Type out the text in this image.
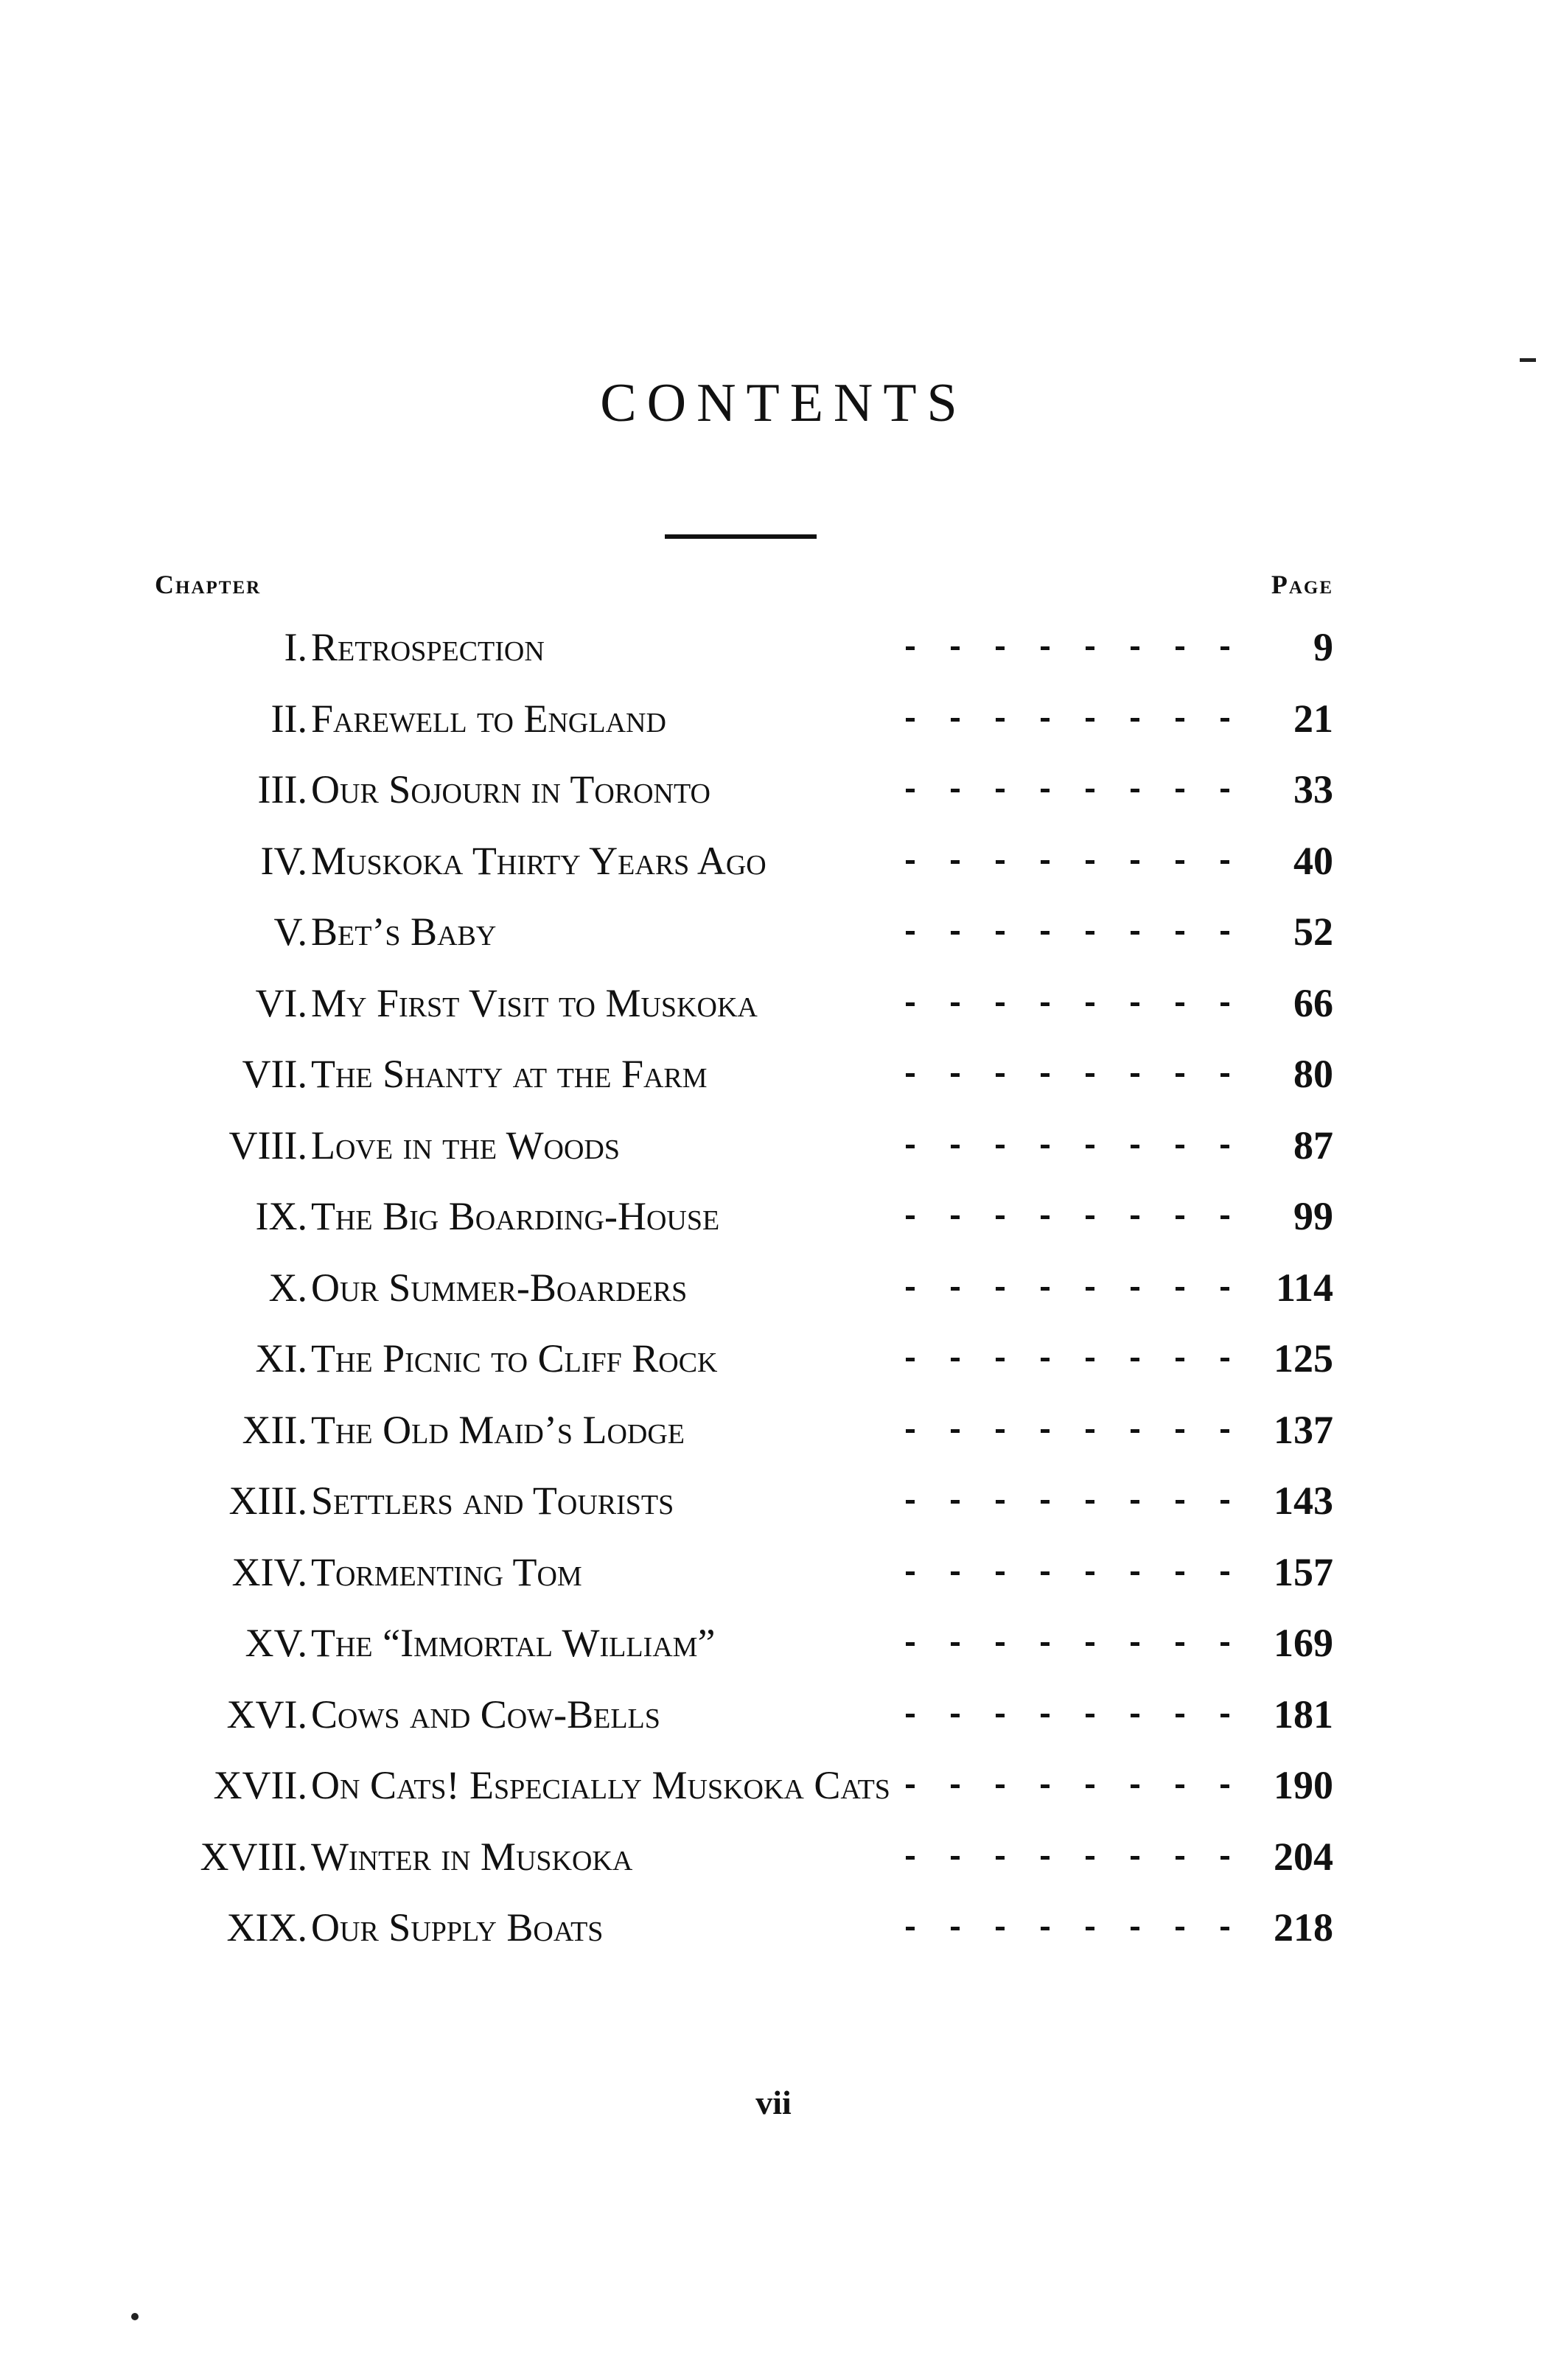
CONTENTS
Chapter	Page
I. Retrospection	9
II. Farewell to England	21
III. Our Sojourn in Toronto	33
IV. Muskoka Thirty Years Ago	40
V. Bet’s Baby	52
VI. My First Visit to Muskoka	66
VII. The Shanty at the Farm	80
VIII. Love in the Woods	87
IX. The Big Boarding-House	99
X. Our Summer-Boarders	114
XI. The Picnic to Cliff Rock	125
XII. The Old Maid’s Lodge	137
XIII. Settlers and Tourists	143
XIV. Tormenting Tom	157
XV. The “Immortal William”	169
XVI. Cows and Cow-Bells	181
XVII. On Cats! Especially Muskoka Cats	190
XVIII. Winter in Muskoka	204
XIX. Our Supply Boats	218
vii
